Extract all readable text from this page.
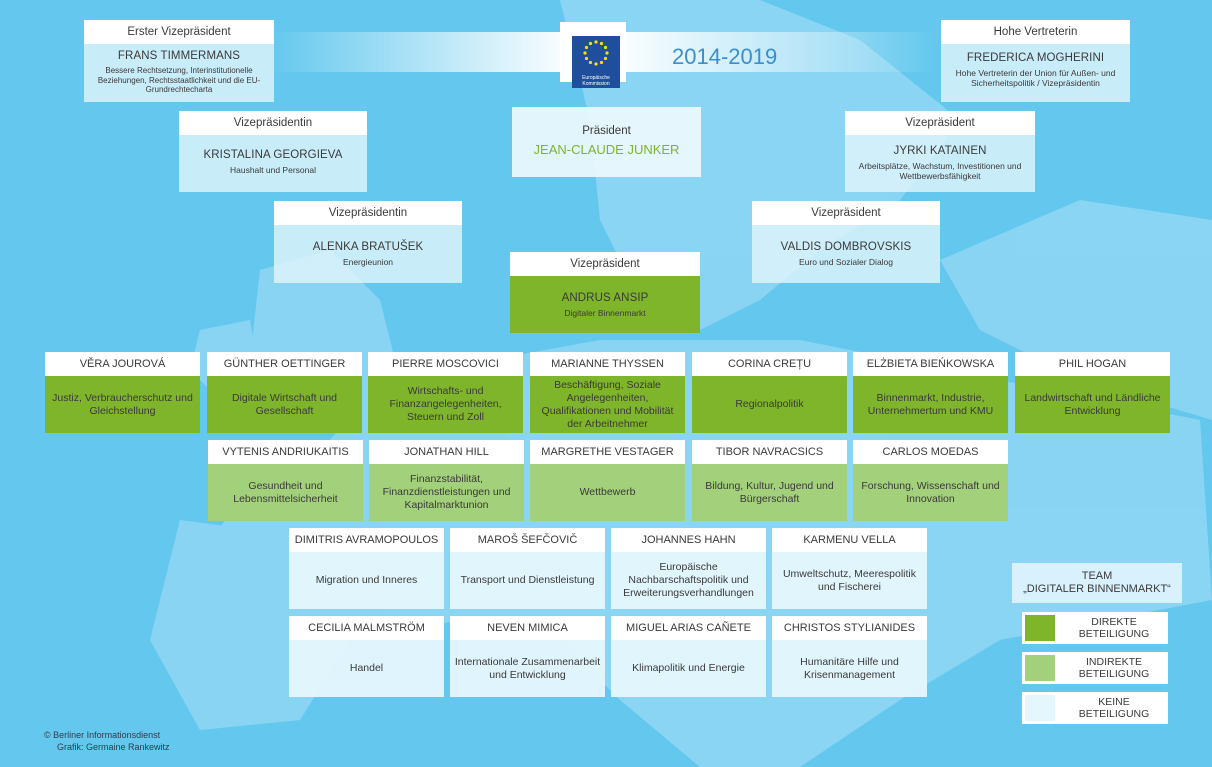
Europäische Kommission
2014-2019
Erster Vizepräsident
FRANS TIMMERMANS
Bessere Rechtsetzung, Interinstitutionelle Beziehungen, Rechtsstaatlichkeit und die EU-Grundrechtecharta
Hohe Vertreterin
FREDERICA MOGHERINI
Hohe Vertreterin der Union für Außen- und Sicherheitspolitik / Vizepräsidentin
Präsident
JEAN-CLAUDE JUNKER
Vizepräsidentin
KRISTALINA GEORGIEVA
Haushalt und Personal
Vizepräsident
JYRKI KATAINEN
Arbeitsplätze, Wachstum, Investitionen und Wettbewerbsfähigkeit
Vizepräsidentin
ALENKA BRATUŠEK
Energieunion
Vizepräsident
VALDIS DOMBROVSKIS
Euro und Sozialer Dialog
Vizepräsident
ANDRUS ANSIP
Digitaler Binnenmarkt
VĚRA JOUROVÁ
Justiz, Verbraucherschutz und Gleichstellung
GÜNTHER OETTINGER
Digitale Wirtschaft und Gesellschaft
PIERRE MOSCOVICI
Wirtschafts- und Finanzangelegenheiten, Steuern und Zoll
MARIANNE THYSSEN
Beschäftigung, Soziale Angelegenheiten, Qualifikationen und Mobilität der Arbeitnehmer
CORINA CREȚU
Regionalpolitik
ELŻBIETA BIEŃKOWSKA
Binnenmarkt, Industrie, Unternehmertum und KMU
PHIL HOGAN
Landwirtschaft und Ländliche Entwicklung
VYTENIS ANDRIUKAITIS
Gesundheit und Lebensmittelsicherheit
JONATHAN HILL
Finanzstabilität, Finanzdienstleistungen und Kapitalmarktunion
MARGRETHE VESTAGER
Wettbewerb
TIBOR NAVRACSICS
Bildung, Kultur, Jugend und Bürgerschaft
CARLOS MOEDAS
Forschung, Wissenschaft und Innovation
DIMITRIS AVRAMOPOULOS
Migration und Inneres
MAROŠ ŠEFČOVIČ
Transport und Dienstleistung
JOHANNES HAHN
Europäische Nachbarschaftspolitik und Erweiterungsverhandlungen
KARMENU VELLA
Umweltschutz, Meerespolitik und Fischerei
CECILIA MALMSTRÖM
Handel
NEVEN MIMICA
Internationale Zusammenarbeit und Entwicklung
MIGUEL ARIAS CAÑETE
Klimapolitik und Energie
CHRISTOS STYLIANIDES
Humanitäre Hilfe und Krisenmanagement
TEAM
„DIGITALER BINNENMARKT“
DIREKTE
BETEILIGUNG
INDIREKTE
BETEILIGUNG
KEINE
BETEILIGUNG
© Berliner Informationsdienst
Grafik: Germaine Rankewitz
